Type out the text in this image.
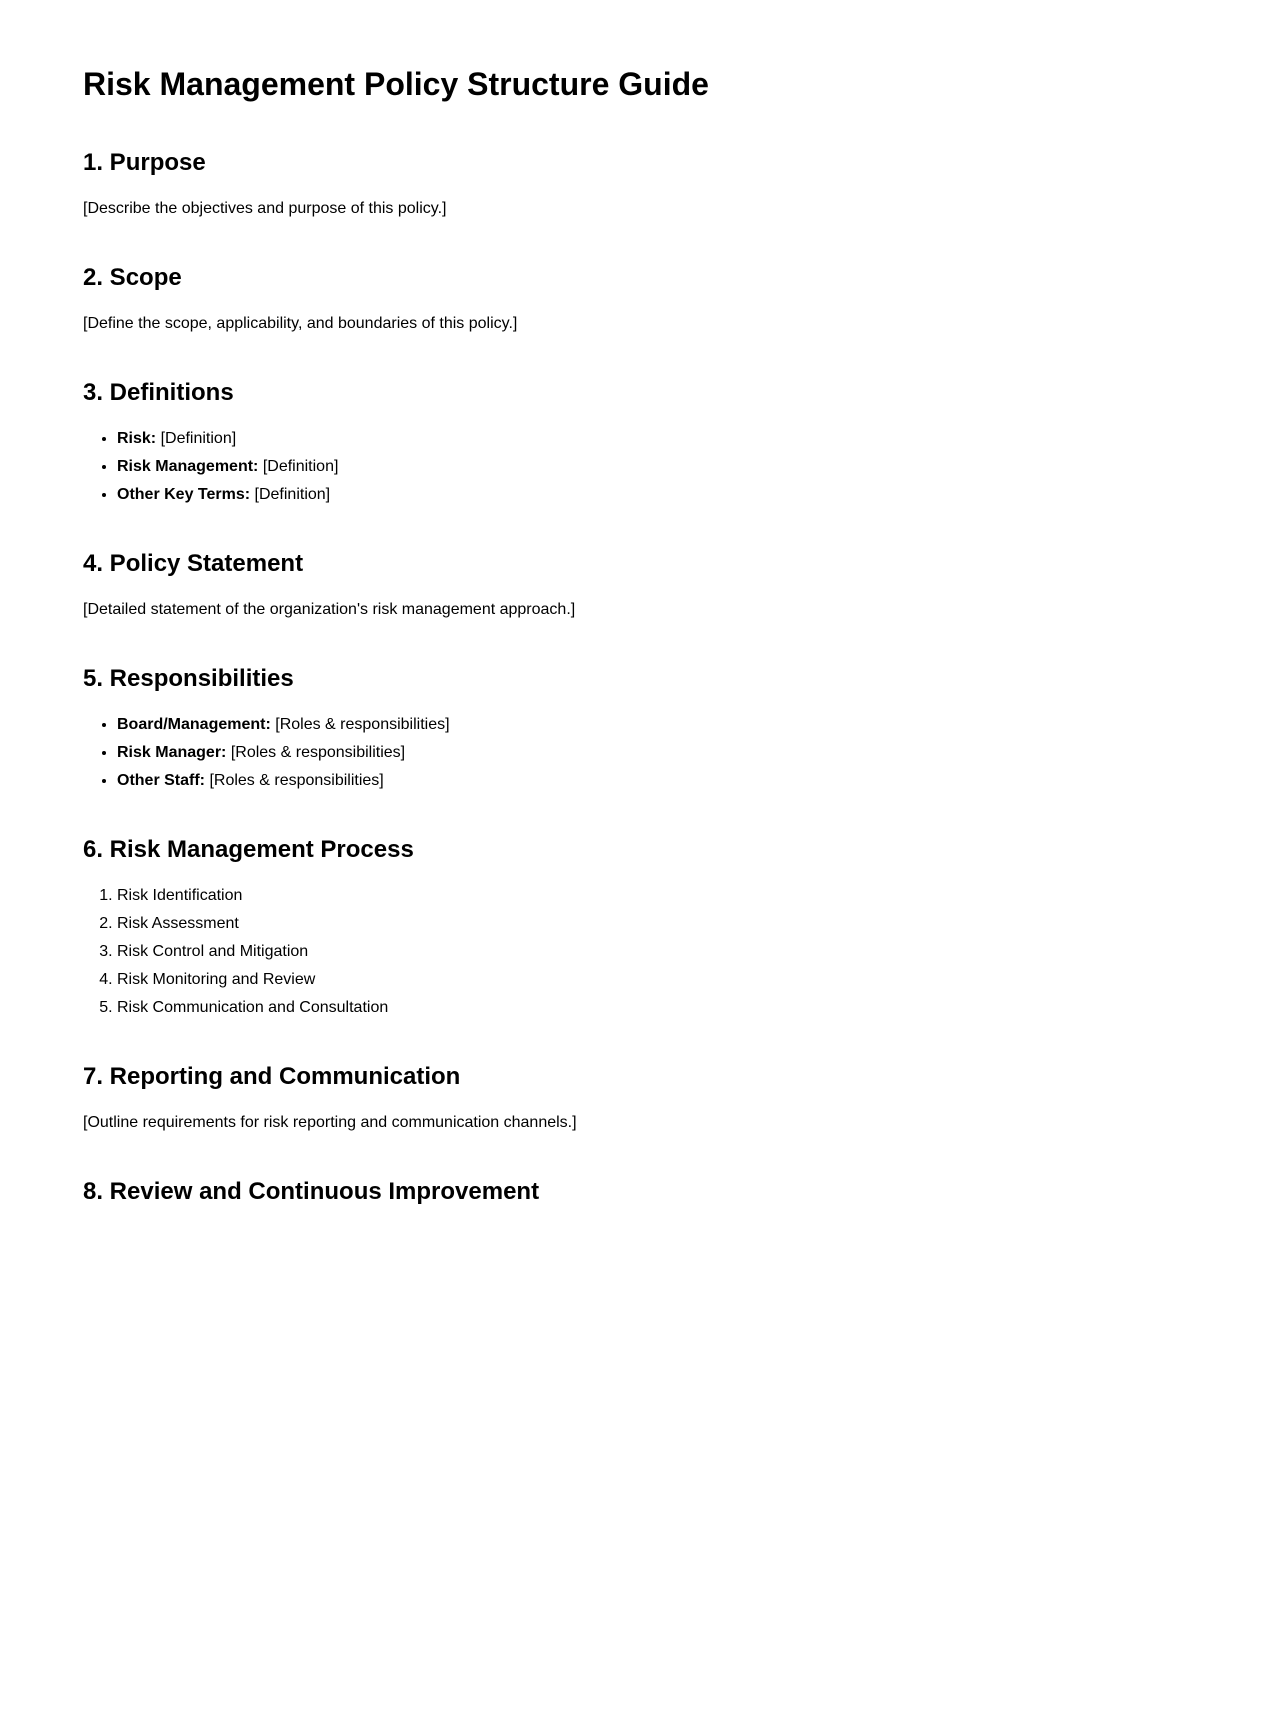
Risk Management Policy Structure Guide
1. Purpose

[Describe the objectives and purpose of this policy.]

2. Scope

[Define the scope, applicability, and boundaries of this policy.]

3. Definitions
• Risk: [Definition]
• Risk Management: [Definition]
• Other Key Terms: [Definition]
4. Policy Statement

[Detailed statement of the organization's risk management approach.]

5. Responsibilities
• Board/Management: [Roles & responsibilities]
• Risk Manager: [Roles & responsibilities]
• Other Staff: [Roles & responsibilities]
6. Risk Management Process
1. Risk Identification
2. Risk Assessment
3. Risk Control and Mitigation
4. Risk Monitoring and Review
5. Risk Communication and Consultation
7. Reporting and Communication

[Outline requirements for risk reporting and communication channels.]

8. Review and Continuous Improvement
